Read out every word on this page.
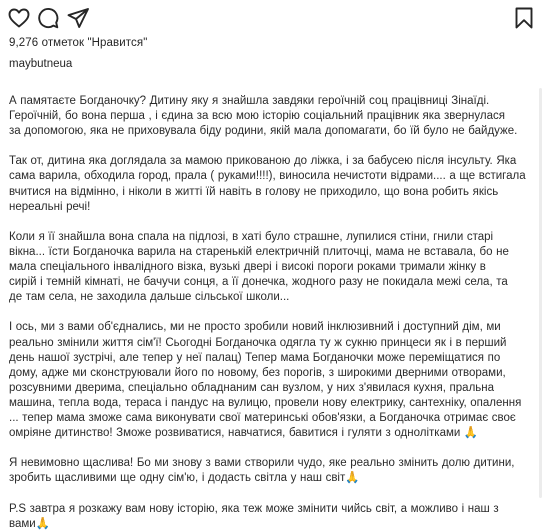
9,276 отметок "Нравится"
maybutneua

А памятаєте Богданочку? Дитину яку я знайшла завдяки героїчній соц працівниці Зінаїді.
Героїчній, бо вона перша , і єдина за всю мою історію соціальний працівник яка звернулася
за допомогою, яка не приховувала біду родини, якій мала допомагати, бо їй було не байдуже.

Так от, дитина яка доглядала за мамою прикованою до ліжка, і за бабусею після інсульту. Яка
сама варила, обходила город, прала ( руками!!!!), виносила нечистоти відрами.... а ще встигала
вчитися на відмінно, і ніколи в житті їй навіть в голову не приходило, що вона робить якісь
нереальні речі!

Коли я її знайшла вона спала на підлозі, в хаті було страшне, лупилися стіни, гнили старі
вікна... їсти Богданочка варила на старенькій електричній плиточці, мама не вставала, бо не
мала спеціального інвалідного візка, вузькі двері і високі пороги роками тримали жінку в
сирій і темній кімнаті, не бачучи сонця, а її донечка, жодного разу не покидала межі села, та
де там села, не заходила дальше сільської школи...

І ось, ми з вами об'єднались, ми не просто зробили новий інклюзивний і доступний дім, ми
реально змінили життя сім'ї! Сьогодні Богданочка одягла ту ж сукню принцеси як і в перший
день нашої зустрічі, але тепер у неї палац) Тепер мама Богданочки може переміщатися по
дому, адже ми сконструювали його по новому, без порогів, з широкими дверними отворами,
розсувними дверима, спеціально обладнаним сан вузлом, у них з'явилася кухня, пральна
машина, тепла вода, тераса і пандус на вулицю, провели нову електрику, сантехніку, опалення
... тепер мама зможе сама виконувати свої материнські обов'язки, а Богданочка отримає своє
омріяне дитинство! Зможе розвиватися, навчатися, бавитися і гуляти з однолітками 🙏

Я невимовно щаслива! Бо ми знову з вами створили чудо, яке реально змінить долю дитини,
зробить щасливими ще одну сім'ю, і додасть світла у наш світ🙏

P.S завтра я розкажу вам нову історію, яка теж може змінити чийсь світ, а можливо і наш з
вами🙏
